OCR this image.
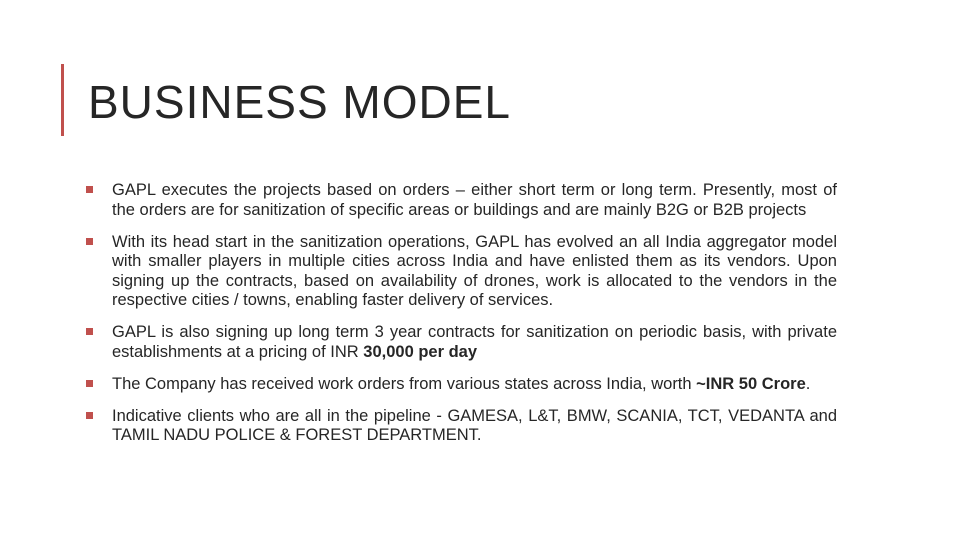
BUSINESS MODEL
GAPL executes the projects based on orders – either short term or long term. Presently, most of the orders are for sanitization of specific areas or buildings and are mainly B2G or B2B projects
With its head start in the sanitization operations, GAPL has evolved an all India aggregator model with smaller players in multiple cities across India and have enlisted them as its vendors. Upon signing up the contracts, based on availability of drones, work is allocated to the vendors in the respective cities / towns, enabling faster delivery of services.
GAPL is also signing up long term 3 year contracts for sanitization on periodic basis, with private establishments at a pricing of INR 30,000 per day
The Company has received work orders from various states across India, worth ~INR 50 Crore.
Indicative clients who are all in the pipeline - GAMESA, L&T, BMW, SCANIA, TCT, VEDANTA and TAMIL NADU POLICE & FOREST DEPARTMENT.
